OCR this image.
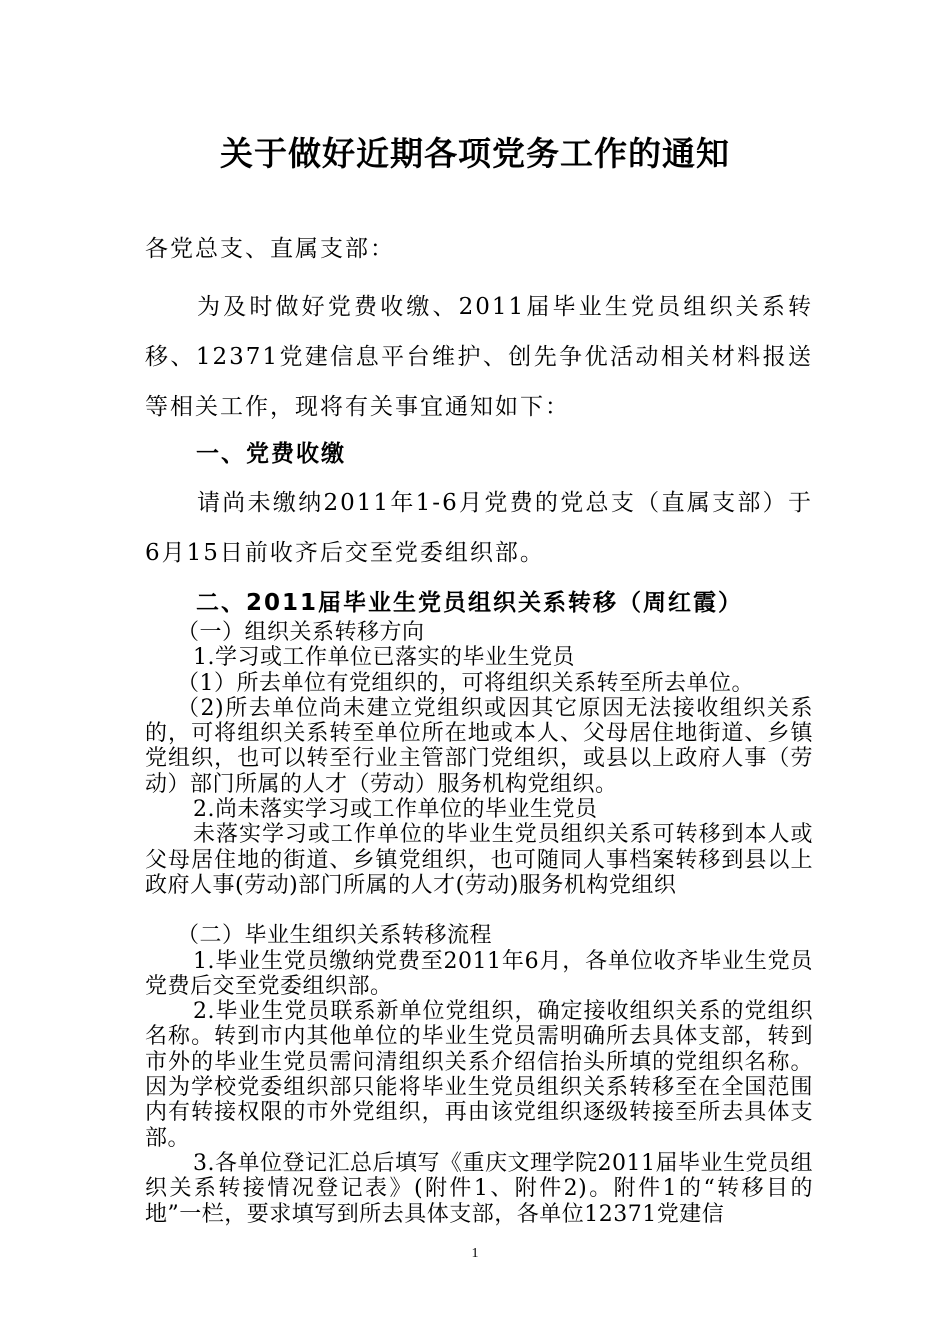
关于做好近期各项党务工作的通知
各党总支、直属支部：

为及时做好党费收缴、2011届毕业生党员组织关系转移、12371党建信息平台维护、创先争优活动相关材料报送等相关工作，现将有关事宜通知如下：

一、党费收缴

请尚未缴纳2011年1-6月党费的党总支（直属支部）于6月15日前收齐后交至党委组织部。

二、2011届毕业生党员组织关系转移（周红霞）

（一）组织关系转移方向

1.学习或工作单位已落实的毕业生党员

（1）所去单位有党组织的，可将组织关系转至所去单位。

（2)所去单位尚未建立党组织或因其它原因无法接收组织关系的，可将组织关系转至单位所在地或本人、父母居住地街道、乡镇党组织，也可以转至行业主管部门党组织，或县以上政府人事（劳动）部门所属的人才（劳动）服务机构党组织。

2.尚未落实学习或工作单位的毕业生党员

未落实学习或工作单位的毕业生党员组织关系可转移到本人或父母居住地的街道、乡镇党组织，也可随同人事档案转移到县以上政府人事(劳动)部门所属的人才(劳动)服务机构党组织

（二）毕业生组织关系转移流程

1.毕业生党员缴纳党费至2011年6月，各单位收齐毕业生党员党费后交至党委组织部。

2.毕业生党员联系新单位党组织，确定接收组织关系的党组织名称。转到市内其他单位的毕业生党员需明确所去具体支部，转到市外的毕业生党员需问清组织关系介绍信抬头所填的党组织名称。因为学校党委组织部只能将毕业生党员组织关系转移至在全国范围内有转接权限的市外党组织，再由该党组织逐级转接至所去具体支部。

3.各单位登记汇总后填写《重庆文理学院2011届毕业生党员组织关系转接情况登记表》(附件1、附件2)。附件1的“转移目的地”一栏，要求填写到所去具体支部，各单位12371党建信

1
